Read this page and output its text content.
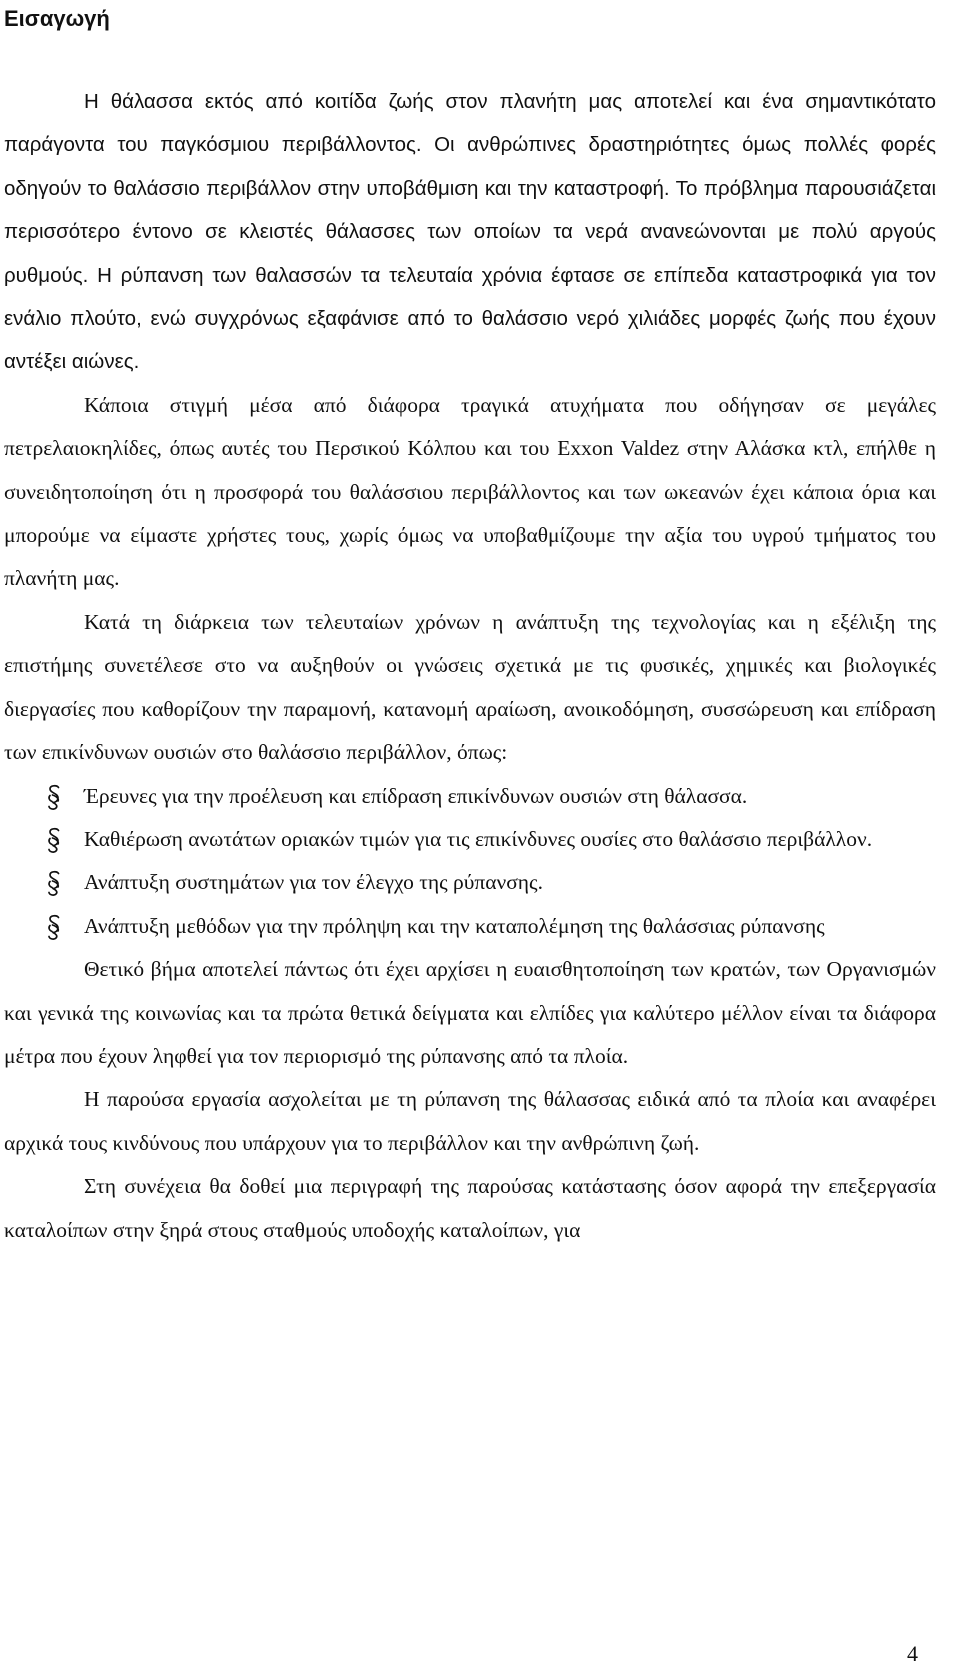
Εισαγωγή

Η θάλασσα εκτός από κοιτίδα ζωής στον πλανήτη μας αποτελεί και ένα σημαντικότατο παράγοντα του παγκόσμιου περιβάλλοντος. Οι ανθρώπινες δραστηριότητες όμως πολλές φορές οδηγούν το θαλάσσιο περιβάλλον στην υποβάθμιση και την καταστροφή. Το πρόβλημα παρουσιάζεται περισσότερο έντονο σε κλειστές θάλασσες των οποίων τα νερά ανανεώνονται με πολύ αργούς ρυθμούς. Η ρύπανση των θαλασσών τα τελευταία χρόνια έφτασε σε επίπεδα καταστροφικά για τον ενάλιο πλούτο, ενώ συγχρόνως εξαφάνισε από το θαλάσσιο νερό χιλιάδες μορφές ζωής που έχουν αντέξει αιώνες.

Κάποια στιγμή μέσα από διάφορα τραγικά ατυχήματα που οδήγησαν σε μεγάλες πετρελαιοκηλίδες, όπως αυτές του Περσικού Κόλπου και του Exxon Valdez στην Αλάσκα κτλ, επήλθε η συνειδητοποίηση ότι η προσφορά του θαλάσσιου περιβάλλοντος και των ωκεανών έχει κάποια όρια και μπορούμε να είμαστε χρήστες τους, χωρίς όμως να υποβαθμίζουμε την αξία του υγρού τμήματος του πλανήτη μας.

Κατά τη διάρκεια των τελευταίων χρόνων η ανάπτυξη της τεχνολογίας και η εξέλιξη της επιστήμης συνετέλεσε στο να αυξηθούν οι γνώσεις σχετικά με τις φυσικές, χημικές και βιολογικές διεργασίες που καθορίζουν την παραμονή, κατανομή αραίωση, ανοικοδόμηση, συσσώρευση και επίδραση των επικίνδυνων ουσιών στο θαλάσσιο περιβάλλον, όπως:

Έρευνες για την προέλευση και επίδραση επικίνδυνων ουσιών στη θάλασσα.
Καθιέρωση ανωτάτων οριακών τιμών για τις επικίνδυνες ουσίες στο θαλάσσιο περιβάλλον.
Ανάπτυξη συστημάτων για τον έλεγχο της ρύπανσης.
Ανάπτυξη μεθόδων για την πρόληψη και την καταπολέμηση της θαλάσσιας ρύπανσης

Θετικό βήμα αποτελεί πάντως ότι έχει αρχίσει η ευαισθητοποίηση των κρατών, των Οργανισμών και γενικά της κοινωνίας και τα πρώτα θετικά δείγματα και ελπίδες για καλύτερο μέλλον είναι τα διάφορα μέτρα που έχουν ληφθεί για τον περιορισμό της ρύπανσης από τα πλοία.

Η παρούσα εργασία ασχολείται με τη ρύπανση της θάλασσας ειδικά από τα πλοία και αναφέρει αρχικά τους κινδύνους που υπάρχουν για το περιβάλλον και την ανθρώπινη ζωή.

Στη συνέχεια θα δοθεί μια περιγραφή της παρούσας κατάστασης όσον αφορά την επεξεργασία καταλοίπων στην ξηρά στους σταθμούς υποδοχής καταλοίπων, για

4
